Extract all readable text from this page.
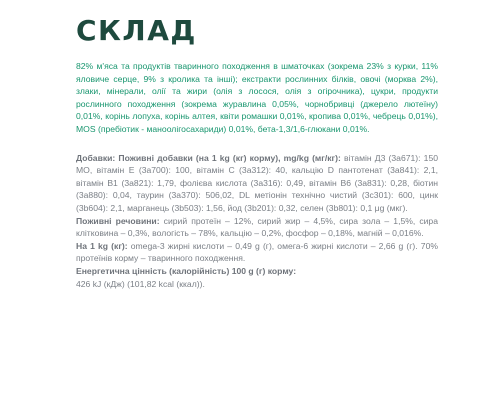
СКЛАД

82% м'яса та продуктів тваринного походження в шматочках (зокрема 23% з курки, 11% яловиче серце, 9% з кролика та інші); екстракти рослинних білків, овочі (морква 2%), злаки, мінерали, олії та жири (олія з лосося, олія з огірочника), цукри, продукти рослинного походження (зокрема журавлина 0,05%, чорнобривці (джерело лютеїну) 0,01%, корінь лопуха, корінь алтея, квіти ромашки 0,01%, кропива 0,01%, чебрець 0,01%), MOS (пребіотик - маноолігосахариди) 0,01%, бета-1,3/1,6-глюкани 0,01%.

Добавки: Поживні добавки (на 1 kg (кг) корму), mg/kg (мг/кг): вітамін Д3 (3a671): 150 МО, вітамін Е (3a700): 100, вітамін С (3a312): 40, кальцію D пантотенат (3a841): 2,1, вітамін В1 (3a821): 1,79, фолієва кислота (3a316): 0,49, вітамін В6 (3a831): 0,28, біотин (3a880): 0,04, таурин (3a370): 506,02, DL метіонін технічно чистий (3c301): 600, цинк (3b604): 2,1, марганець (3b503): 1,56, йод (3b201): 0,32, селен (3b801): 0,1 μg (мкг).

Поживні речовини: сирий протеїн – 12%, сирий жир – 4,5%, сира зола – 1,5%, сира клітковина – 0,3%, вологість – 78%, кальцію – 0,2%, фосфор – 0,18%, магній – 0,016%.

На 1 kg (кг): omega-3 жирні кислоти – 0,49 g (г), омега-6 жирні кислоти – 2,66 g (г). 70% протеїнів корму – тваринного походження.

Енергетична цінність (калорійність) 100 g (г) корму:
426 kJ (кДж) (101,82 kcal (ккал)).
